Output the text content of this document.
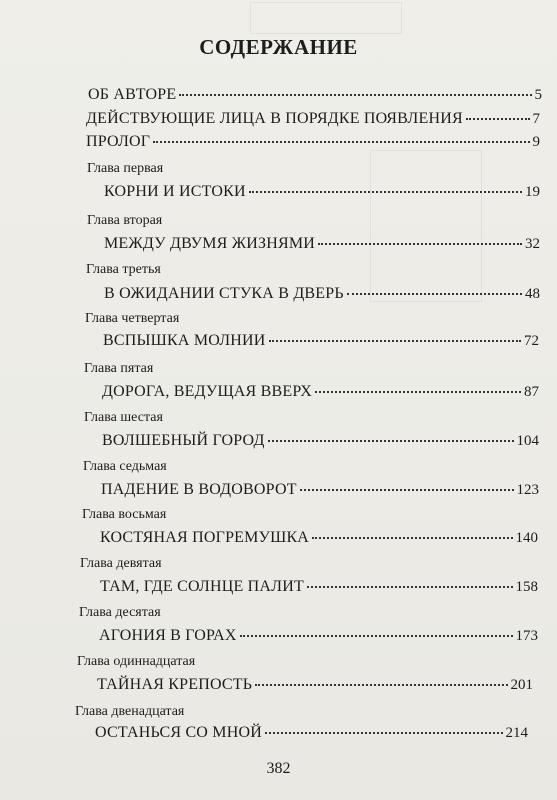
СОДЕРЖАНИЕ
ОБ АВТОРЕ	5
ДЕЙСТВУЮЩИЕ ЛИЦА В ПОРЯДКЕ ПОЯВЛЕНИЯ	7
ПРОЛОГ	9
Глава первая
КОРНИ И ИСТОКИ	19
Глава вторая
МЕЖДУ ДВУМЯ ЖИЗНЯМИ	32
Глава третья
В ОЖИДАНИИ СТУКА В ДВЕРЬ	48
Глава четвертая
ВСПЫШКА МОЛНИИ	72
Глава пятая
ДОРОГА, ВЕДУЩАЯ ВВЕРХ	87
Глава шестая
ВОЛШЕБНЫЙ ГОРОД	104
Глава седьмая
ПАДЕНИЕ В ВОДОВОРОТ	123
Глава восьмая
КОСТЯНАЯ ПОГРЕМУШКА	140
Глава девятая
ТАМ, ГДЕ СОЛНЦЕ ПАЛИТ	158
Глава десятая
АГОНИЯ В ГОРАХ	173
Глава одиннадцатая
ТАЙНАЯ КРЕПОСТЬ	201
Глава двенадцатая
ОСТАНЬСЯ СО МНОЙ	214
382
